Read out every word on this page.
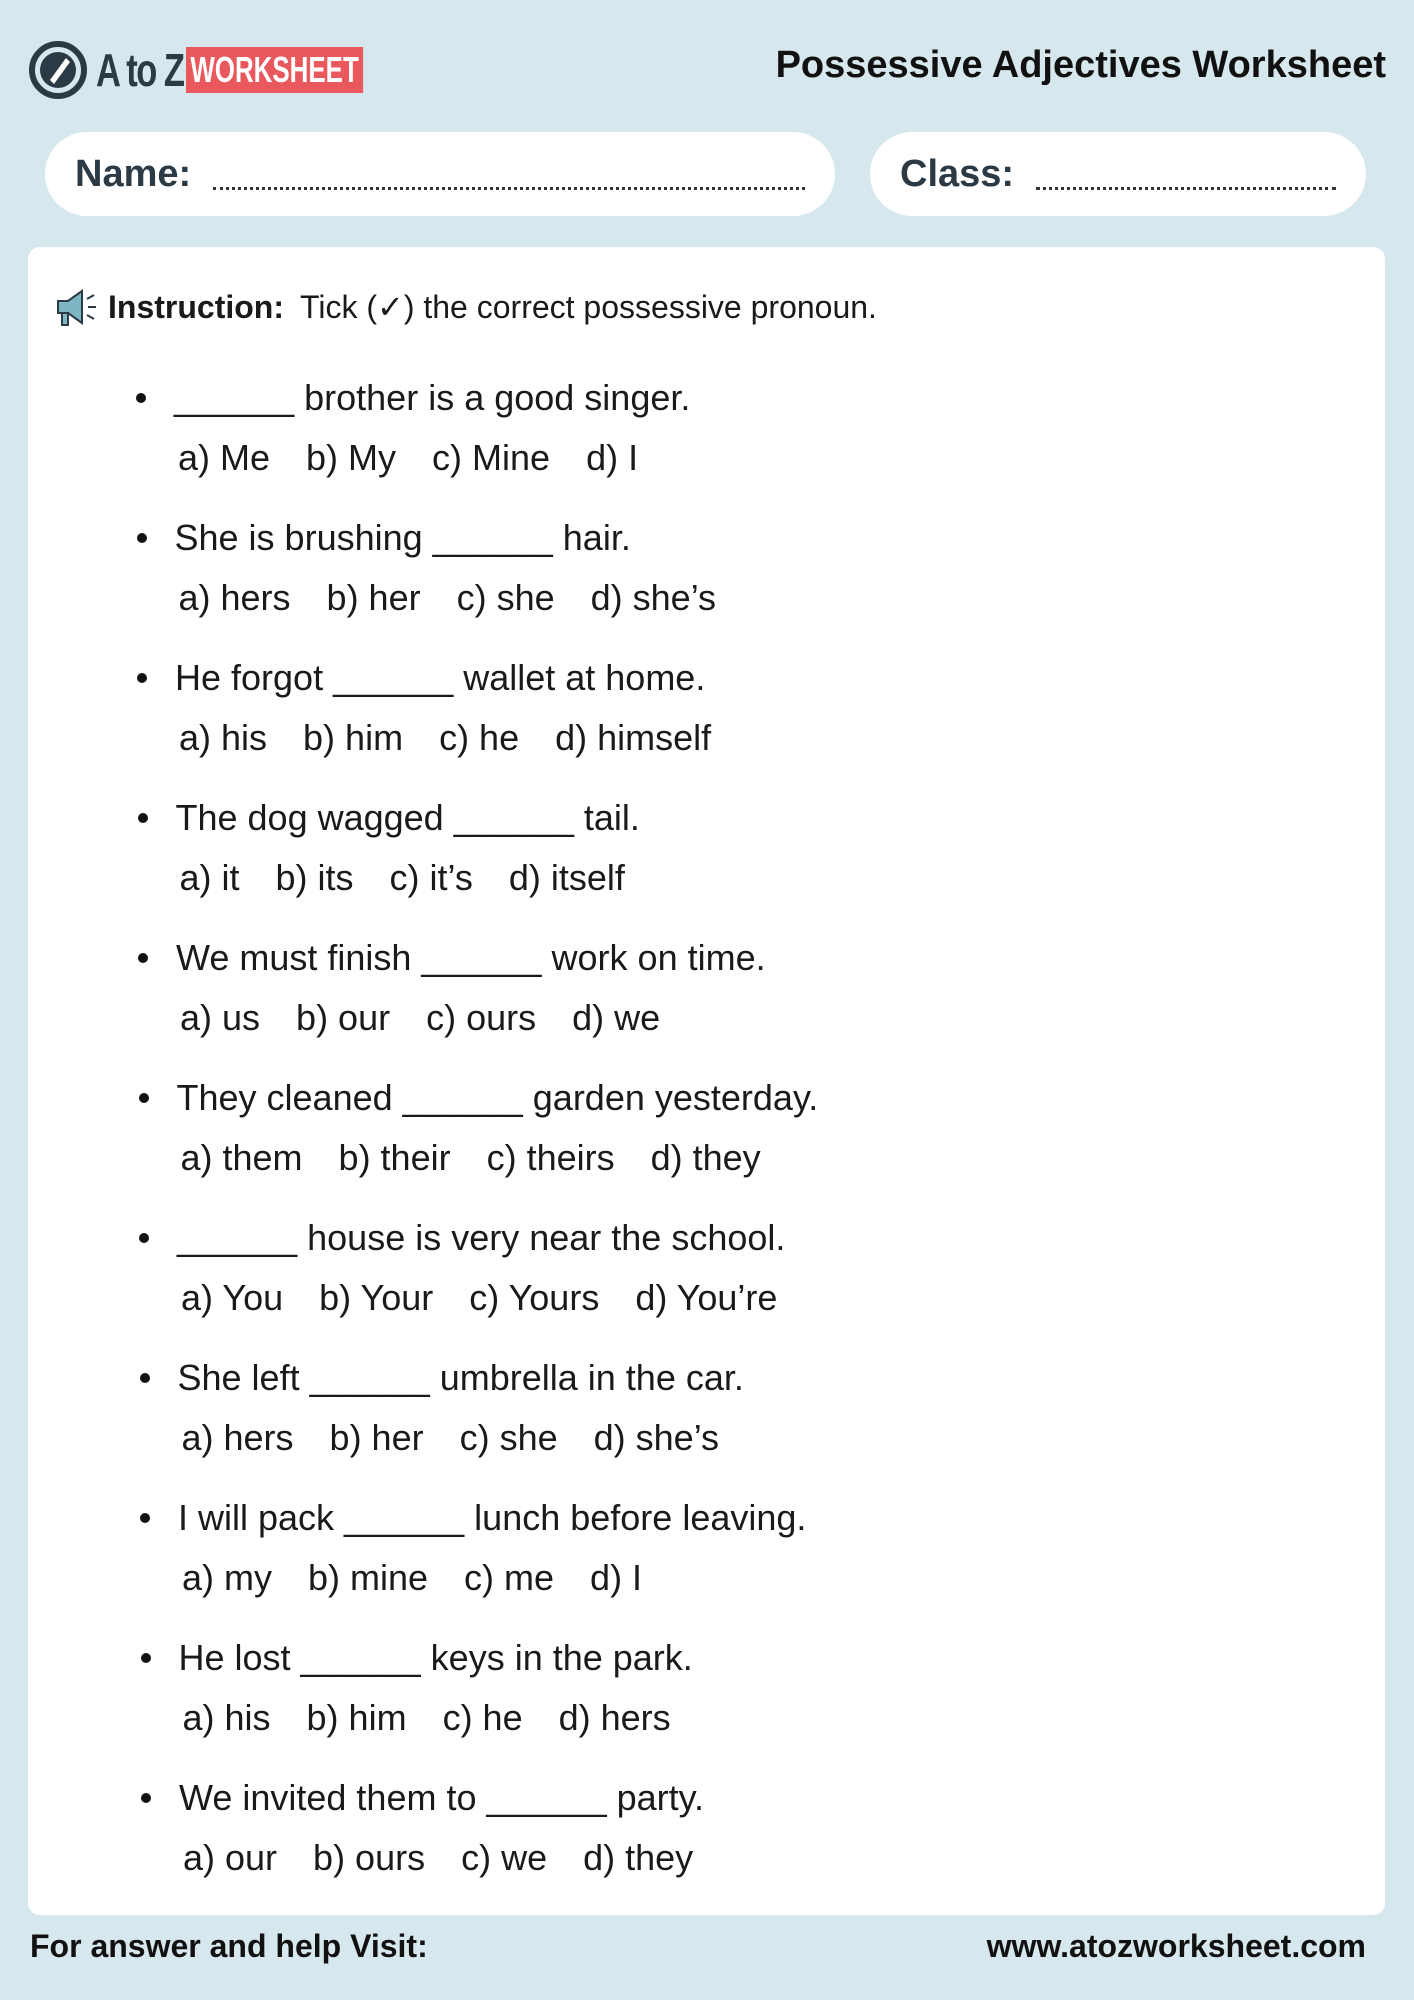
A to Z WORKSHEET	Possessive Adjectives Worksheet
Name:	Class:
Instruction: Tick (✓) the correct possessive pronoun.
______ brother is a good singer.
a) Me b) My c) Mine d) I
She is brushing ______ hair.
a) hers b) her c) she d) she’s
He forgot ______ wallet at home.
a) his b) him c) he d) himself
The dog wagged ______ tail.
a) it b) its c) it’s d) itself
We must finish ______ work on time.
a) us b) our c) ours d) we
They cleaned ______ garden yesterday.
a) them b) their c) theirs d) they
______ house is very near the school.
a) You b) Your c) Yours d) You’re
She left ______ umbrella in the car.
a) hers b) her c) she d) she’s
I will pack ______ lunch before leaving.
a) my b) mine c) me d) I
He lost ______ keys in the park.
a) his b) him c) he d) hers
We invited them to ______ party.
a) our b) ours c) we d) they
For answer and help Visit:	www.atozworksheet.com
